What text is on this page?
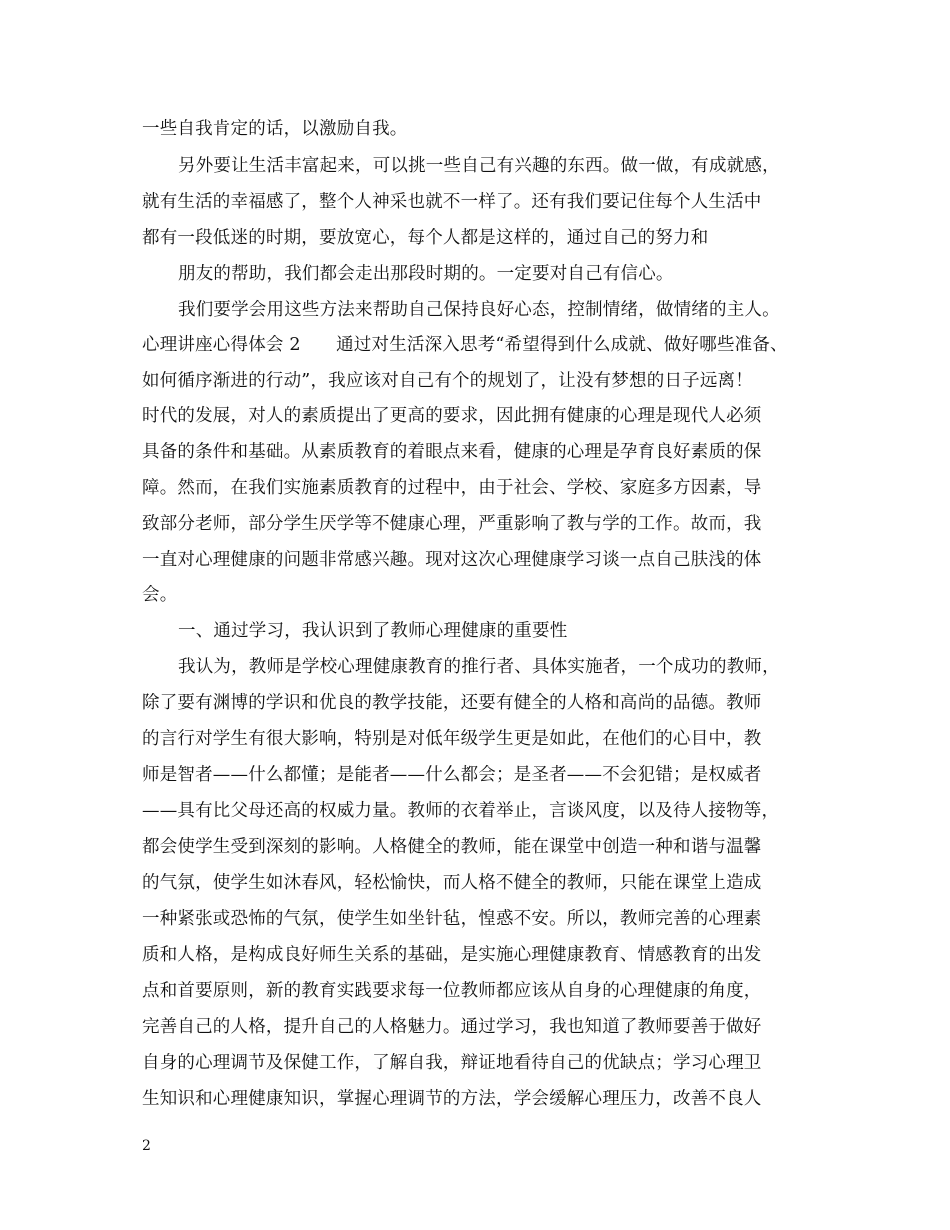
一些自我肯定的话，以激励自我。
另外要让生活丰富起来，可以挑一些自己有兴趣的东西。做一做，有成就感，
就有生活的幸福感了，整个人神采也就不一样了。还有我们要记住每个人生活中
都有一段低迷的时期，要放宽心，每个人都是这样的，通过自己的努力和
朋友的帮助，我们都会走出那段时期的。一定要对自己有信心。
我们要学会用这些方法来帮助自己保持良好心态，控制情绪，做情绪的主人。
心理讲座心得体会 2　　通过对生活深入思考“希望得到什么成就、做好哪些准备、
如何循序渐进的行动”，我应该对自己有个的规划了，让没有梦想的日子远离！
时代的发展，对人的素质提出了更高的要求，因此拥有健康的心理是现代人必须
具备的条件和基础。从素质教育的着眼点来看，健康的心理是孕育良好素质的保
障。然而，在我们实施素质教育的过程中，由于社会、学校、家庭多方因素，导
致部分老师，部分学生厌学等不健康心理，严重影响了教与学的工作。故而，我
一直对心理健康的问题非常感兴趣。现对这次心理健康学习谈一点自己肤浅的体
会。
一、通过学习，我认识到了教师心理健康的重要性
我认为，教师是学校心理健康教育的推行者、具体实施者，一个成功的教师，
除了要有渊博的学识和优良的教学技能，还要有健全的人格和高尚的品德。教师
的言行对学生有很大影响，特别是对低年级学生更是如此，在他们的心目中，教
师是智者——什么都懂；是能者——什么都会；是圣者——不会犯错；是权威者
——具有比父母还高的权威力量。教师的衣着举止，言谈风度，以及待人接物等，
都会使学生受到深刻的影响。人格健全的教师，能在课堂中创造一种和谐与温馨
的气氛，使学生如沐春风，轻松愉快，而人格不健全的教师，只能在课堂上造成
一种紧张或恐怖的气氛，使学生如坐针毡，惶惑不安。所以，教师完善的心理素
质和人格，是构成良好师生关系的基础，是实施心理健康教育、情感教育的出发
点和首要原则，新的教育实践要求每一位教师都应该从自身的心理健康的角度，
完善自己的人格，提升自己的人格魅力。通过学习，我也知道了教师要善于做好
自身的心理调节及保健工作，了解自我，辩证地看待自己的优缺点；学习心理卫
生知识和心理健康知识，掌握心理调节的方法，学会缓解心理压力，改善不良人
2
